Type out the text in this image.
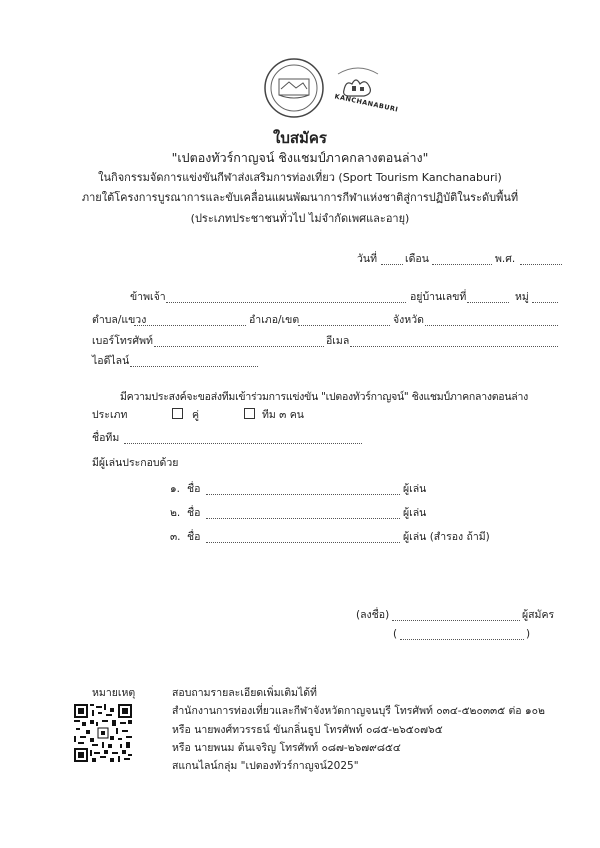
KANCHANABURI
ใบสมัคร
"เปตองทัวร์กาญจน์ ชิงแชมป์ภาคกลางตอนล่าง"
ในกิจกรรมจัดการแข่งขันกีฬาส่งเสริมการท่องเที่ยว (Sport Tourism Kanchanaburi)
ภายใต้โครงการบูรณาการและขับเคลื่อนแผนพัฒนาการกีฬาแห่งชาติสู่การปฏิบัติในระดับพื้นที่
(ประเภทประชาชนทั่วไป ไม่จำกัดเพศและอายุ)
วันที่	เดือน	พ.ศ.
ข้าพเจ้า	อยู่บ้านเลขที่	หมู่
ตำบล/แขวง	อำเภอ/เขต	จังหวัด
เบอร์โทรศัพท์	อีเมล
ไอดีไลน์
มีความประสงค์จะขอส่งทีมเข้าร่วมการแข่งขัน "เปตองทัวร์กาญจน์" ชิงแชมป์ภาคกลางตอนล่าง
ประเภท	คู่	ทีม ๓ คน
ชื่อทีม
มีผู้เล่นประกอบด้วย
๑. ชื่อ	ผู้เล่น
๒. ชื่อ	ผู้เล่น
๓. ชื่อ	ผู้เล่น (สำรอง ถ้ามี)
(ลงชื่อ)	ผู้สมัคร
(	)
หมายเหตุ	สอบถามรายละเอียดเพิ่มเติมได้ที่
สำนักงานการท่องเที่ยวและกีฬาจังหวัดกาญจนบุรี โทรศัพท์ ๐๓๔-๕๒๐๓๓๕ ต่อ ๑๐๒
หรือ นายพงศ์ทวรรธน์ ขันกลิ่นธูป โทรศัพท์ ๐๘๕-๒๖๕๐๗๖๕
หรือ นายพนม ต้นเจริญ โทรศัพท์ ๐๘๗-๒๖๗๙๘๕๔
สแกนไลน์กลุ่ม "เปตองทัวร์กาญจน์2025"
